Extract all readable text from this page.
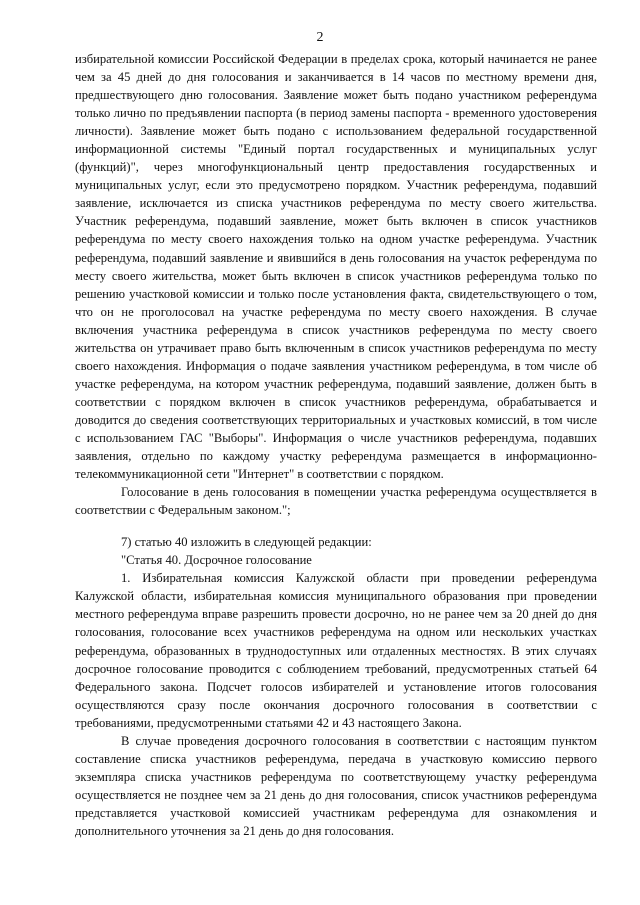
2

избирательной комиссии Российской Федерации в пределах срока, который начинается не ранее чем за 45 дней до дня голосования и заканчивается в 14 часов по местному времени дня, предшествующего дню голосования. Заявление может быть подано участником референдума только лично по предъявлении паспорта (в период замены паспорта - временного удостоверения личности). Заявление может быть подано с использованием федеральной государственной информационной системы "Единый портал государственных и муниципальных услуг (функций)", через многофункциональный центр предоставления государственных и муниципальных услуг, если это предусмотрено порядком. Участник референдума, подавший заявление, исключается из списка участников референдума по месту своего жительства. Участник референдума, подавший заявление, может быть включен в список участников референдума по месту своего нахождения только на одном участке референдума. Участник референдума, подавший заявление и явившийся в день голосования на участок референдума по месту своего жительства, может быть включен в список участников референдума только по решению участковой комиссии и только после установления факта, свидетельствующего о том, что он не проголосовал на участке референдума по месту своего нахождения. В случае включения участника референдума в список участников референдума по месту своего жительства он утрачивает право быть включенным в список участников референдума по месту своего нахождения. Информация о подаче заявления участником референдума, в том числе об участке референдума, на котором участник референдума, подавший заявление, должен быть в соответствии с порядком включен в список участников референдума, обрабатывается и доводится до сведения соответствующих территориальных и участковых комиссий, в том числе с использованием ГАС "Выборы". Информация о числе участников референдума, подавших заявления, отдельно по каждому участку референдума размещается в информационно-телекоммуникационной сети "Интернет" в соответствии с порядком.

Голосование в день голосования в помещении участка референдума осуществляется в соответствии с Федеральным законом.";

7) статью 40 изложить в следующей редакции:

"Статья 40. Досрочное голосование

1. Избирательная комиссия Калужской области при проведении референдума Калужской области, избирательная комиссия муниципального образования при проведении местного референдума вправе разрешить провести досрочно, но не ранее чем за 20 дней до дня голосования, голосование всех участников референдума на одном или нескольких участках референдума, образованных в труднодоступных или отдаленных местностях. В этих случаях досрочное голосование проводится с соблюдением требований, предусмотренных статьей 64 Федерального закона. Подсчет голосов избирателей и установление итогов голосования осуществляются сразу после окончания досрочного голосования в соответствии с требованиями, предусмотренными статьями 42 и 43 настоящего Закона.

В случае проведения досрочного голосования в соответствии с настоящим пунктом составление списка участников референдума, передача в участковую комиссию первого экземпляра списка участников референдума по соответствующему участку референдума осуществляется не позднее чем за 21 день до дня голосования, список участников референдума представляется участковой комиссией участникам референдума для ознакомления и дополнительного уточнения за 21 день до дня голосования.
